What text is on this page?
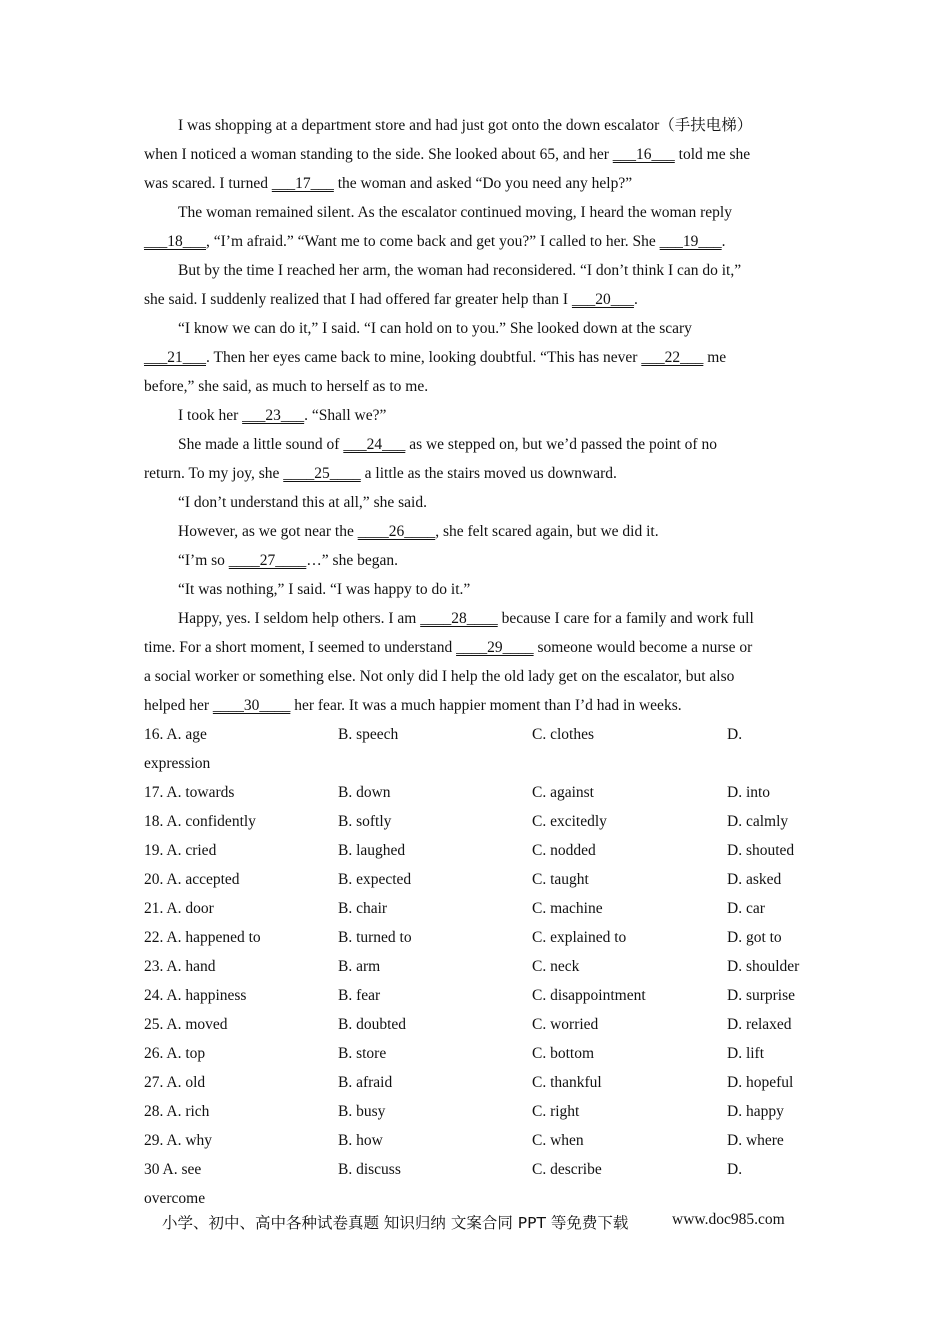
I was shopping at a department store and had just got onto the down escalator（手扶电梯）
when I noticed a woman standing to the side. She looked about 65, and her ___16___ told me she
was scared. I turned ___17___ the woman and asked “Do you need any help?”
The woman remained silent. As the escalator continued moving, I heard the woman reply
___18___, “I’m afraid.” “Want me to come back and get you?” I called to her. She ___19___.
But by the time I reached her arm, the woman had reconsidered. “I don’t think I can do it,”
she said. I suddenly realized that I had offered far greater help than I ___20___.
“I know we can do it,” I said. “I can hold on to you.” She looked down at the scary
___21___. Then her eyes came back to mine, looking doubtful. “This has never ___22___ me
before,” she said, as much to herself as to me.
I took her ___23___. “Shall we?”
She made a little sound of ___24___ as we stepped on, but we’d passed the point of no
return. To my joy, she ____25____ a little as the stairs moved us downward.
“I don’t understand this at all,” she said.
However, as we got near the ____26____, she felt scared again, but we did it.
“I’m so ____27____…” she began.
“It was nothing,” I said. “I was happy to do it.”
Happy, yes. I seldom help others. I am ____28____ because I care for a family and work full
time. For a short moment, I seemed to understand ____29____ someone would become a nurse or
a social worker or something else. Not only did I help the old lady get on the escalator, but also
helped her ____30____ her fear. It was a much happier moment than I’d had in weeks.
16. A. age	B. speech	C. clothes	D.
expression
17. A. towards	B. down	C. against	D. into
18. A. confidently	B. softly	C. excitedly	D. calmly
19. A. cried	B. laughed	C. nodded	D. shouted
20. A. accepted	B. expected	C. taught	D. asked
21. A. door	B. chair	C. machine	D. car
22. A. happened to	B. turned to	C. explained to	D. got to
23. A. hand	B. arm	C. neck	D. shoulder
24. A. happiness	B. fear	C. disappointment	D. surprise
25. A. moved	B. doubted	C. worried	D. relaxed
26. A. top	B. store	C. bottom	D. lift
27. A. old	B. afraid	C. thankful	D. hopeful
28. A. rich	B. busy	C. right	D. happy
29. A. why	B. how	C. when	D. where
30 A. see	B. discuss	C. describe	D.
overcome
小学、初中、高中各种试卷真题 知识归纳 文案合同 PPT 等免费下载	www.doc985.com
